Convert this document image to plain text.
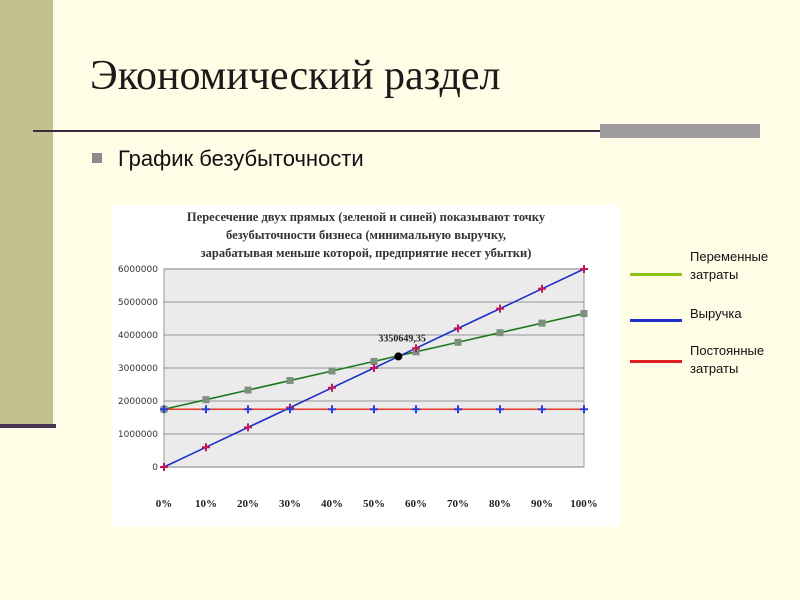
Экономический раздел
График безубыточности
0
1000000
2000000
3000000
4000000
5000000
6000000
0% 10% 20% 30% 40% 50% 60% 70% 80% 90% 100%
3350649,35
Пересечение двух прямых (зеленой и синей) показывают точку
безубыточности бизнеса (минимальную выручку,
зарабатывая меньше которой, предприятие несет убытки)	Переменные затраты
Выручка
Постоянные затраты
